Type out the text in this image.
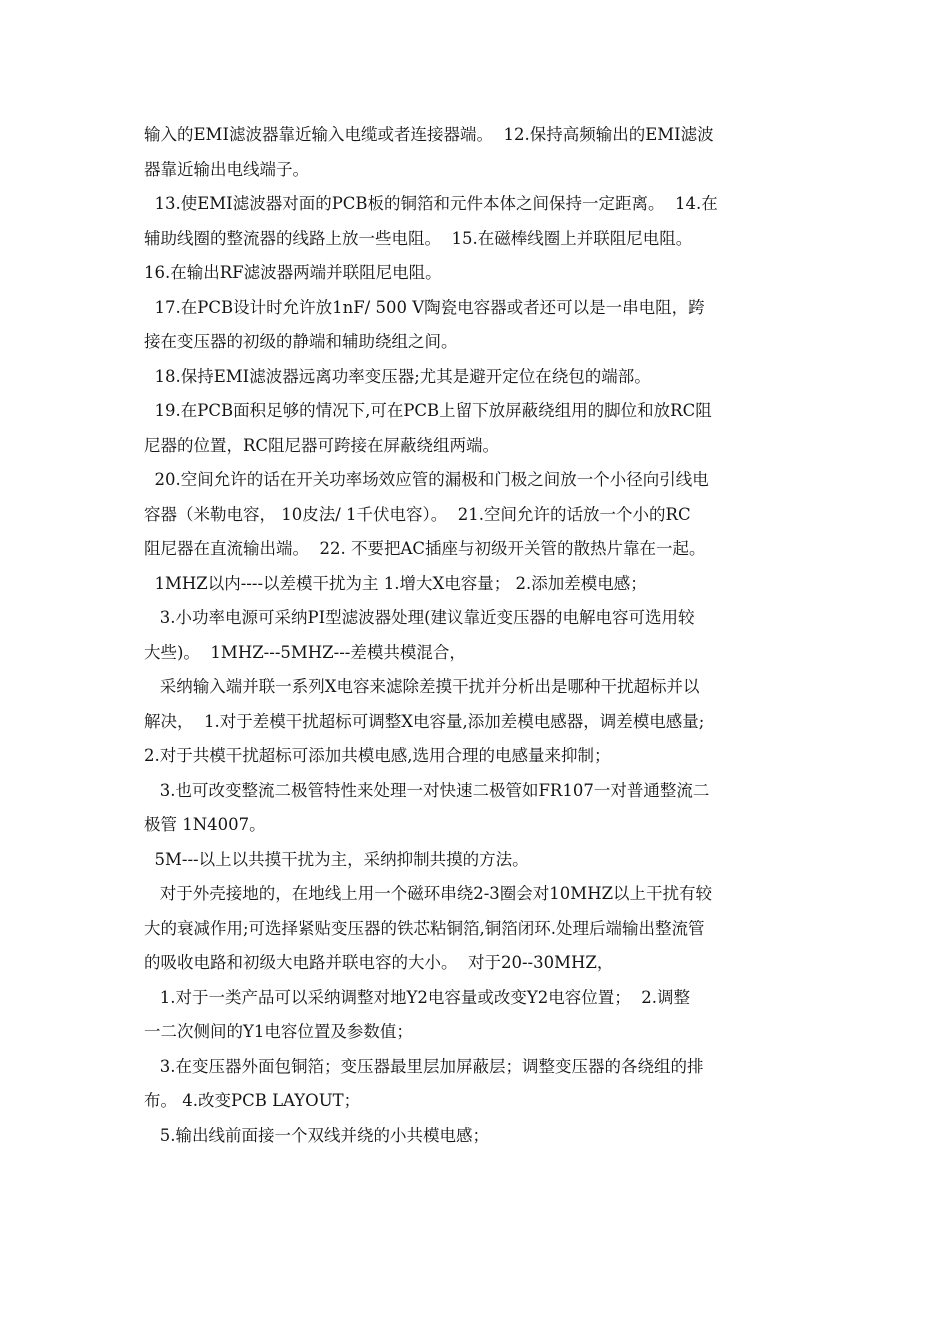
输入的EMI滤波器靠近输入电缆或者连接器端。  12.保持高频输出的EMI滤波
器靠近输出电线端子。
13.使EMI滤波器对面的PCB板的铜箔和元件本体之间保持一定距离。  14.在
辅助线圈的整流器的线路上放一些电阻。  15.在磁棒线圈上并联阻尼电阻。
16.在输出RF滤波器两端并联阻尼电阻。
17.在PCB设计时允许放1nF/ 500 V陶瓷电容器或者还可以是一串电阻，跨
接在变压器的初级的静端和辅助绕组之间。
18.保持EMI滤波器远离功率变压器;尤其是避开定位在绕包的端部。
19.在PCB面积足够的情况下,可在PCB上留下放屏蔽绕组用的脚位和放RC阻
尼器的位置，RC阻尼器可跨接在屏蔽绕组两端。
20.空间允许的话在开关功率场效应管的漏极和门极之间放一个小径向引线电
容器（米勒电容， 10皮法/ 1千伏电容）。  21.空间允许的话放一个小的RC
阻尼器在直流输出端。  22. 不要把AC插座与初级开关管的散热片靠在一起。
1MHZ以内----以差模干扰为主 1.增大X电容量； 2.添加差模电感；
3.小功率电源可采纳PI型滤波器处理(建议靠近变压器的电解电容可选用较
大些)。  1MHZ---5MHZ---差模共模混合，
采纳输入端并联一系列X电容来滤除差摸干扰并分析出是哪种干扰超标并以
解决，  1.对于差模干扰超标可调整X电容量,添加差模电感器，调差模电感量;
2.对于共模干扰超标可添加共模电感,选用合理的电感量来抑制；
3.也可改变整流二极管特性来处理一对快速二极管如FR107一对普通整流二
极管 1N4007。
5M---以上以共摸干扰为主，采纳抑制共摸的方法。
对于外壳接地的，在地线上用一个磁环串绕2-3圈会对10MHZ以上干扰有较
大的衰减作用;可选择紧贴变压器的铁芯粘铜箔,铜箔闭环.处理后端输出整流管
的吸收电路和初级大电路并联电容的大小。  对于20--30MHZ，
1.对于一类产品可以采纳调整对地Y2电容量或改变Y2电容位置；  2.调整
一二次侧间的Y1电容位置及参数值；
3.在变压器外面包铜箔；变压器最里层加屏蔽层；调整变压器的各绕组的排
布。 4.改变PCB LAYOUT；
5.输出线前面接一个双线并绕的小共模电感；
